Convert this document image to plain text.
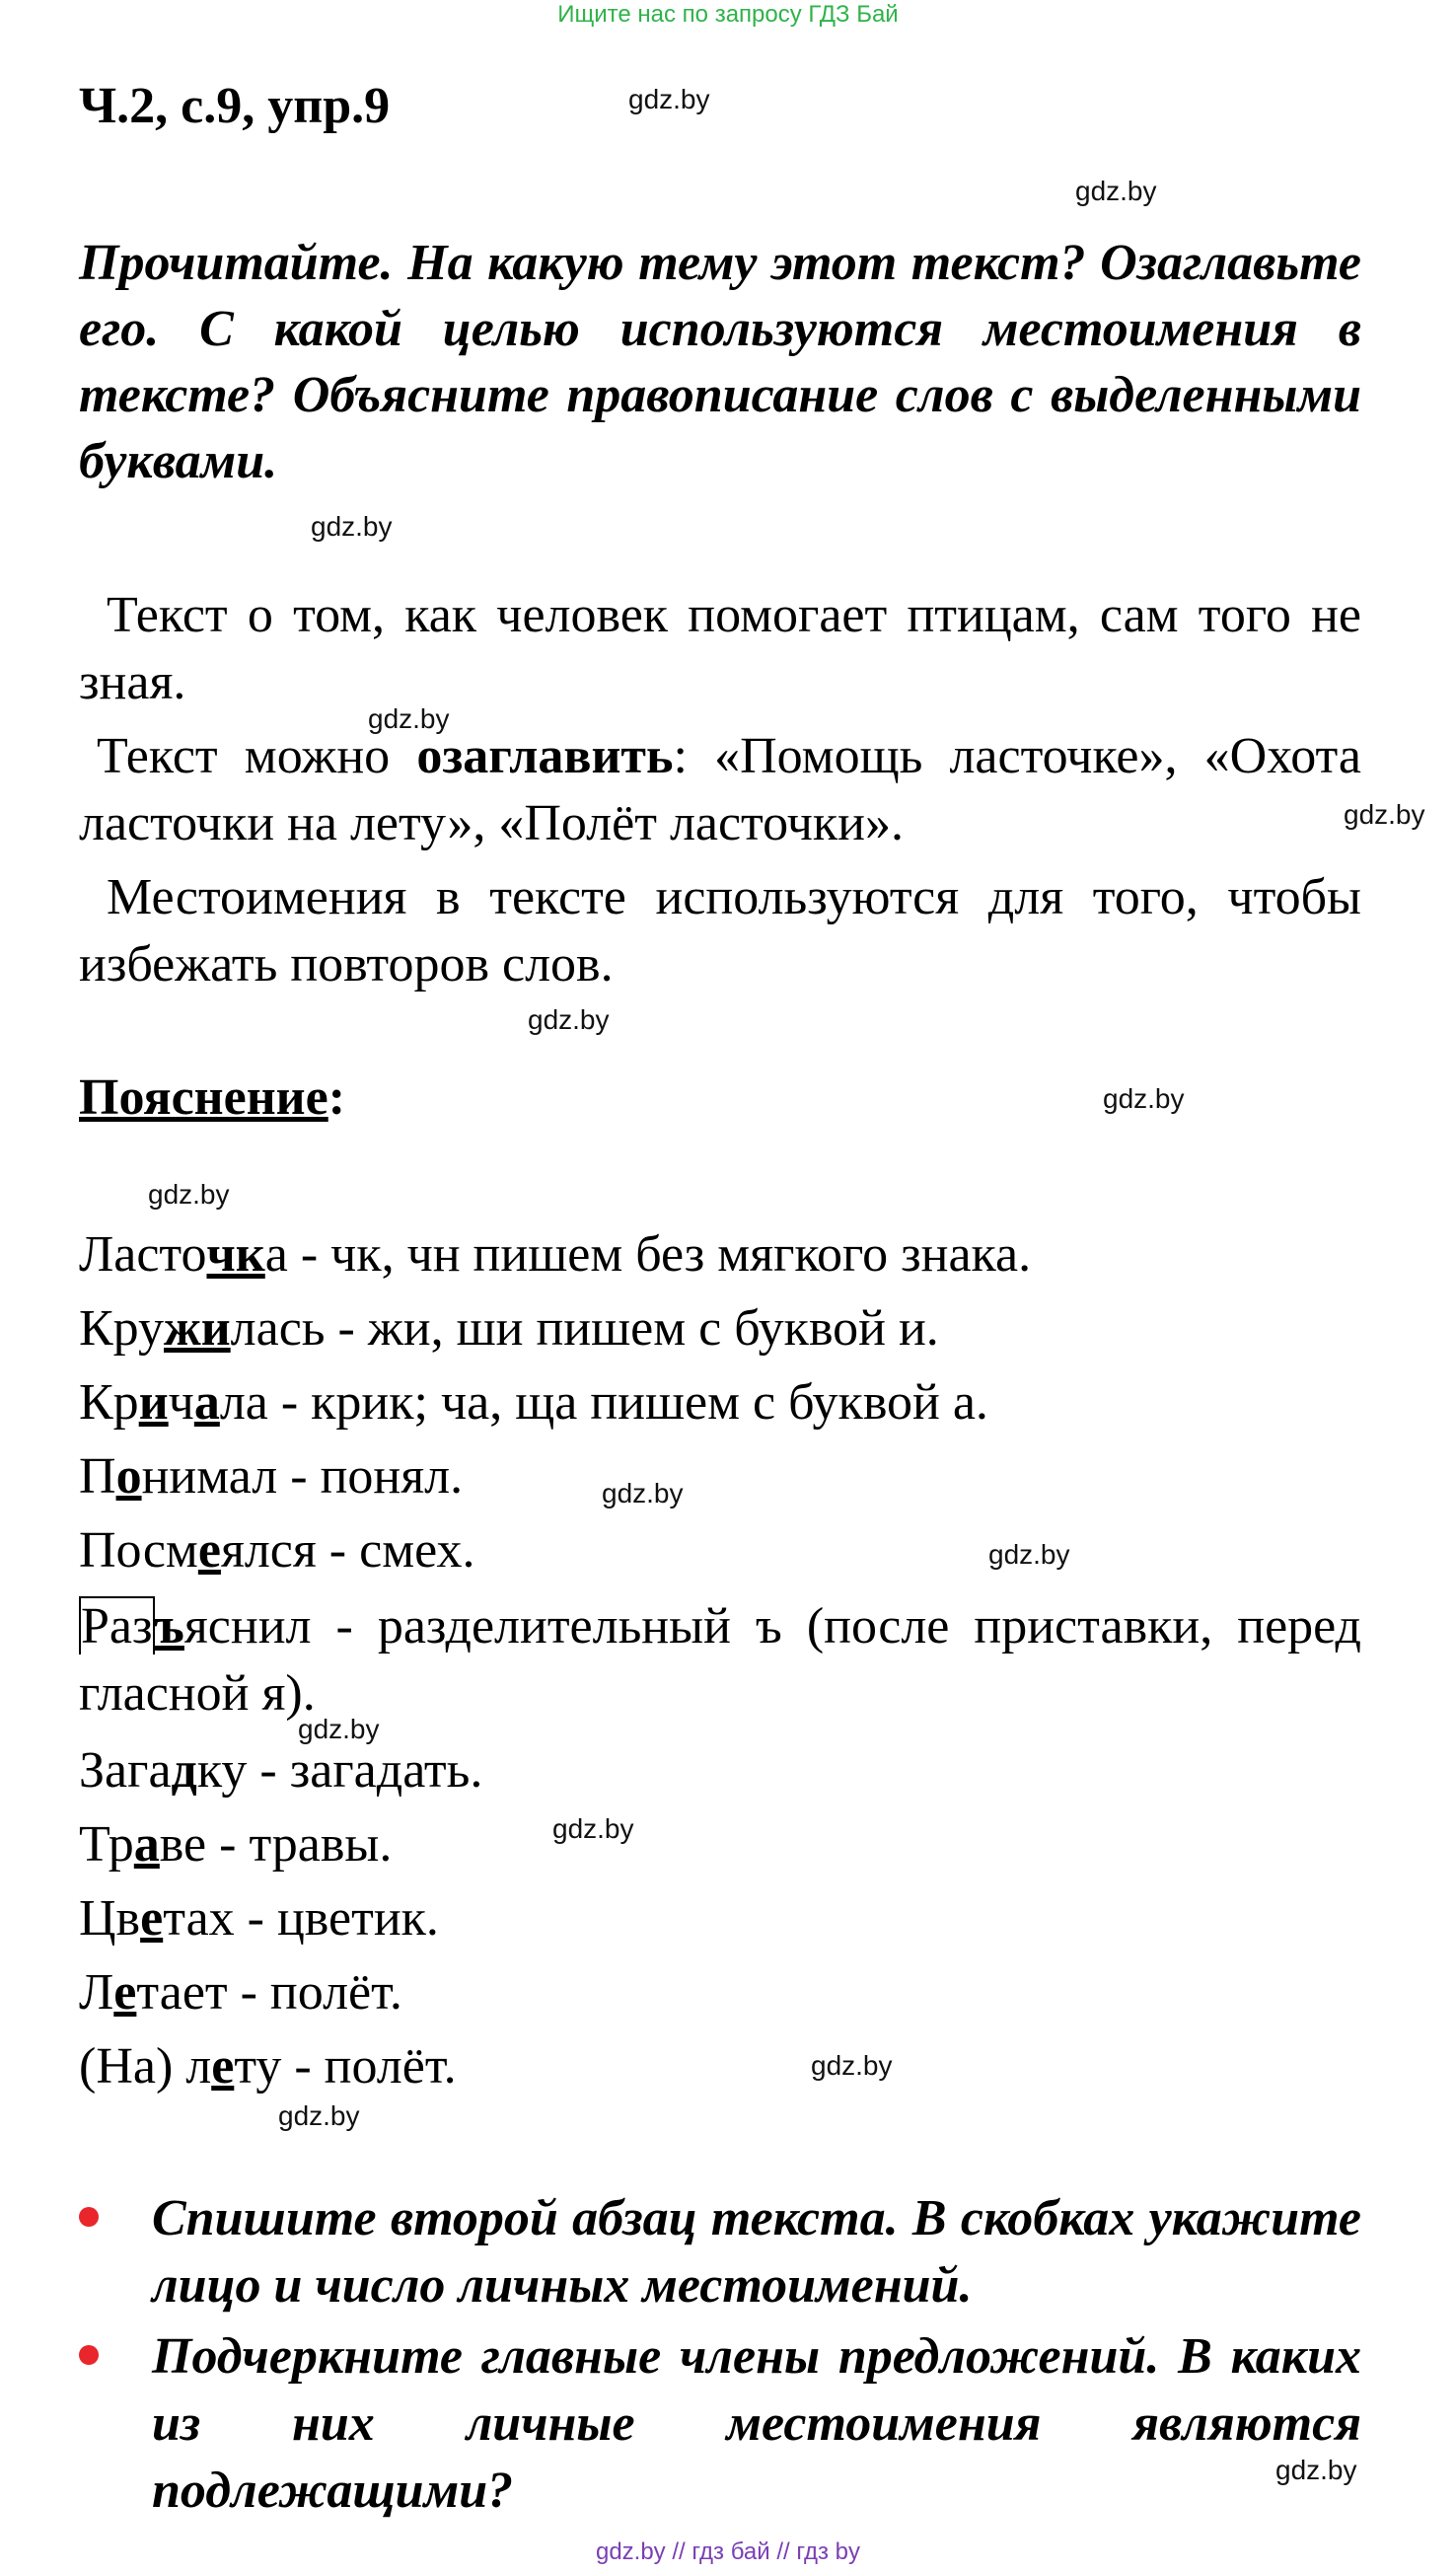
Ищите нас по запросу ГДЗ Бай
Ч.2, с.9, упр.9	gdz.by
gdz.by
Прочитайте. На какую тему этот текст? Озаглавьте его. С какой целью используются местоимения в тексте? Объясните правописание слов с выделенными буквами.
gdz.by
Текст о том, как человек помогает птицам, сам того не зная.
gdz.by
Текст можно озаглавить: «Помощь ласточке», «Охота ласточки на лету», «Полёт ласточки».	gdz.by
Местоимения в тексте используются для того, чтобы избежать повторов слов.
gdz.by
gdz.by
Пояснение:
gdz.by
Ласточка - чк, чн пишем без мягкого знака.
Кружилась - жи, ши пишем с буквой и.
Кричала - крик; ча, ща пишем с буквой а.
Понимал - понял.	gdz.by
Посмеялся - смех.	gdz.by
Разъяснил - разделительный ъ (после приставки, перед гласной я).
gdz.by
Загадку - загадать.
gdz.by
Траве - травы.
Цветах - цветик.
Летает - полёт.
(На) лету - полёт.	gdz.by
gdz.by
Спишите второй абзац текста. В скобках укажите лицо и число личных местоимений.
Подчеркните главные члены предложений. В каких из них личные местоимения являются подлежащими?	gdz.by
gdz.by // гдз бай // гдз by
